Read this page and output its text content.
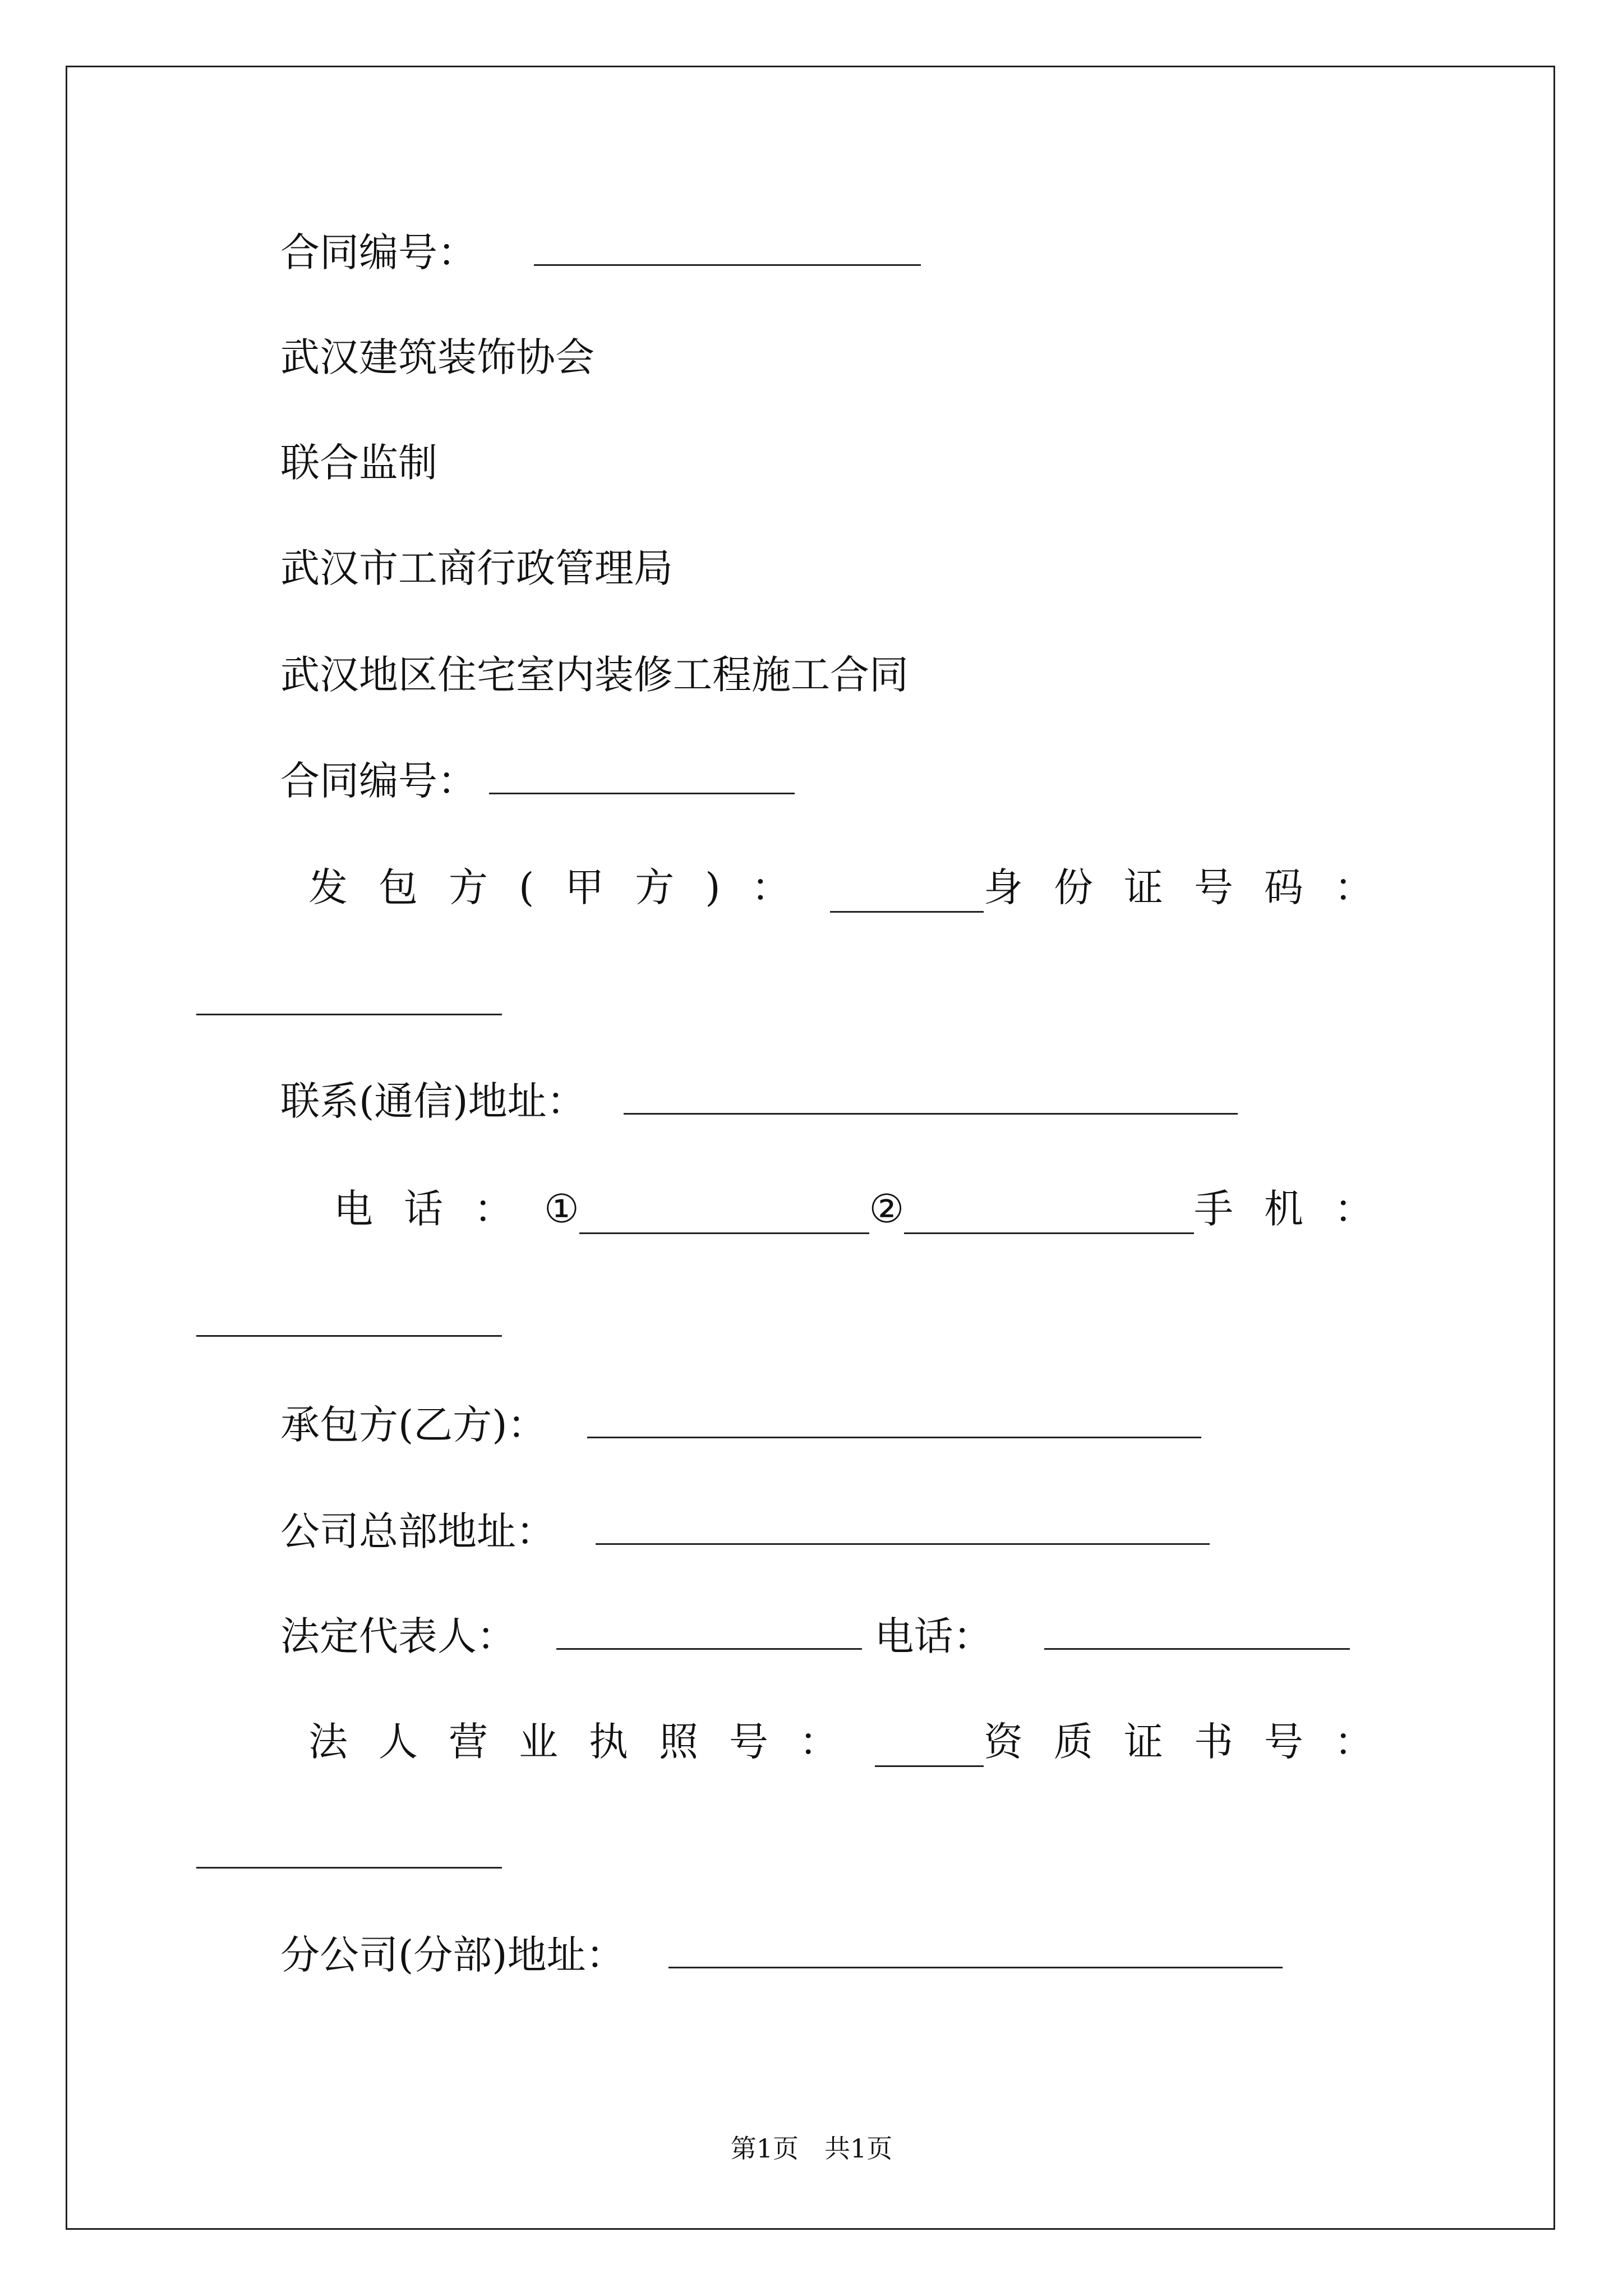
合同编号：
武汉建筑装饰协会
联合监制
武汉市工商行政管理局
武汉地区住宅室内装修工程施工合同
合同编号：
发包方(甲方)：	身份证号码：
联系(通信)地址：
电话： ①	②	手机：
承包方(乙方)：
公司总部地址：
法定代表人：	电话：
法人营业执照号：	资质证书号：
分公司(分部)地址：
第1页　共1页
